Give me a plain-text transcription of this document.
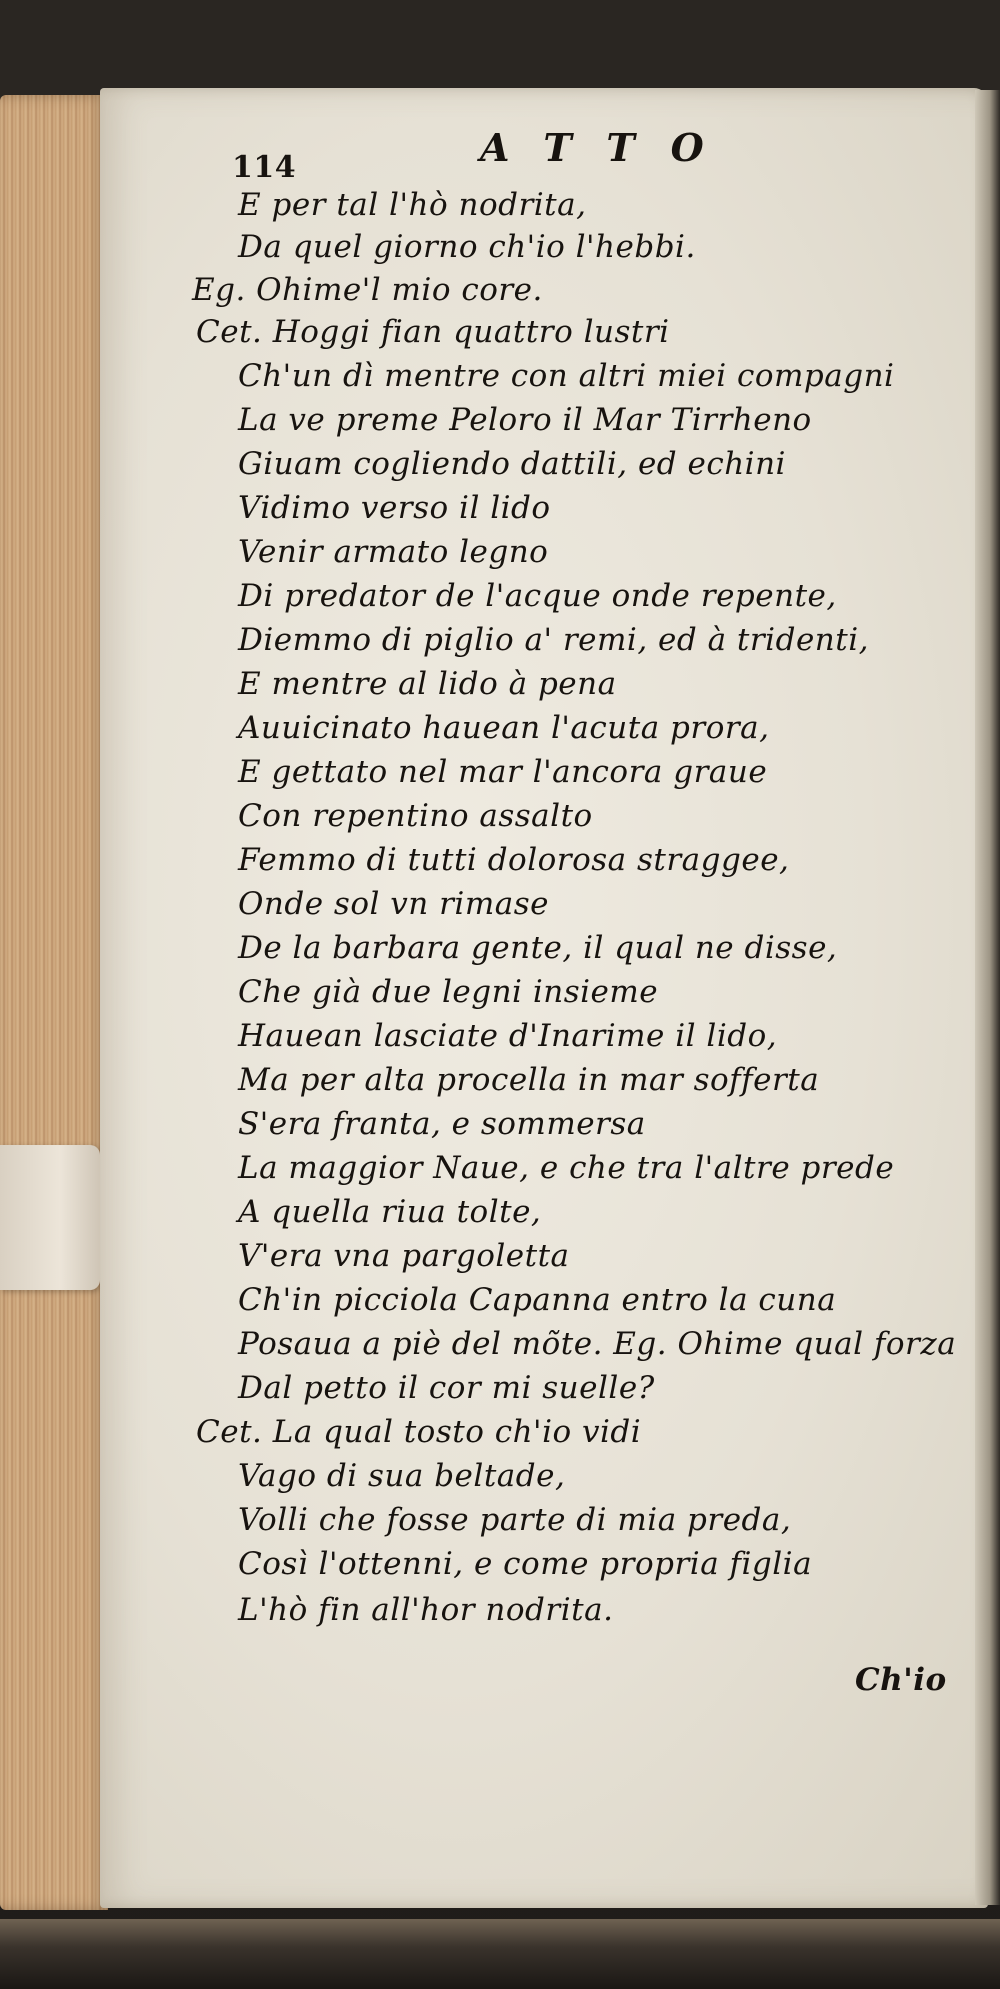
114	ATTO
E per tal l'hò nodrita,
Da quel giorno ch'io l'hebbi.
Eg. Ohime'l mio core.
Cet. Hoggi fian quattro lustri
Ch'un dì mentre con altri miei compagni
La ve preme Peloro il Mar Tirrheno
Giuam cogliendo dattili, ed echini
Vidimo verso il lido
Venir armato legno
Di predator de l'acque onde repente,
Diemmo di piglio a' remi, ed à tridenti,
E mentre al lido à pena
Auuicinato hauean l'acuta prora,
E gettato nel mar l'ancora graue
Con repentino assalto
Femmo di tutti dolorosa straggee,
Onde sol vn rimase
De la barbara gente, il qual ne disse,
Che già due legni insieme
Hauean lasciate d'Inarime il lido,
Ma per alta procella in mar sofferta
S'era franta, e sommersa
La maggior Naue, e che tra l'altre prede
A quella riua tolte,
V'era vna pargoletta
Ch'in picciola Capanna entro la cuna
Posaua a piè del mõte. Eg. Ohime qual forza
Dal petto il cor mi suelle?
Cet. La qual tosto ch'io vidi
Vago di sua beltade,
Volli che fosse parte di mia preda,
Così l'ottenni, e come propria figlia
L'hò fin all'hor nodrita.
Ch'io
